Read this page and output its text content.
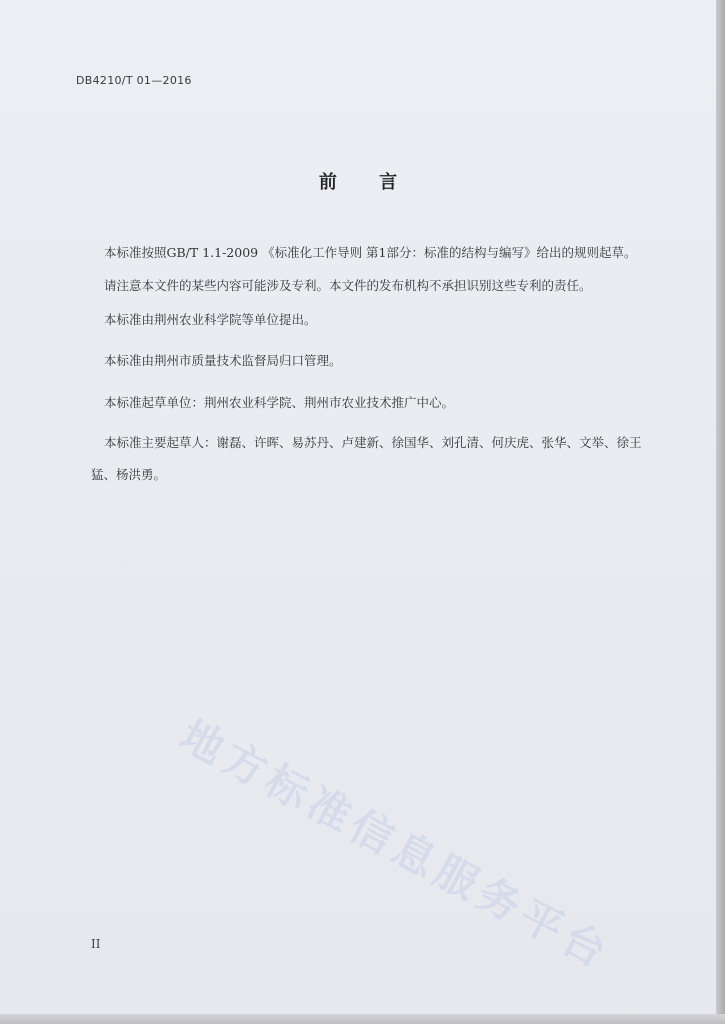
DB4210/T 01—2016
前 言
本标准按照GB/T 1.1-2009 《标准化工作导则 第1部分：标准的结构与编写》给出的规则起草。
请注意本文件的某些内容可能涉及专利。本文件的发布机构不承担识别这些专利的责任。
本标准由荆州农业科学院等单位提出。
本标准由荆州市质量技术监督局归口管理。
本标准起草单位：荆州农业科学院、荆州市农业技术推广中心。
本标准主要起草人：谢磊、许晖、易苏丹、卢建新、徐国华、刘孔清、何庆虎、张华、文举、徐王猛、杨洪勇。
地方标准信息服务平台
II
